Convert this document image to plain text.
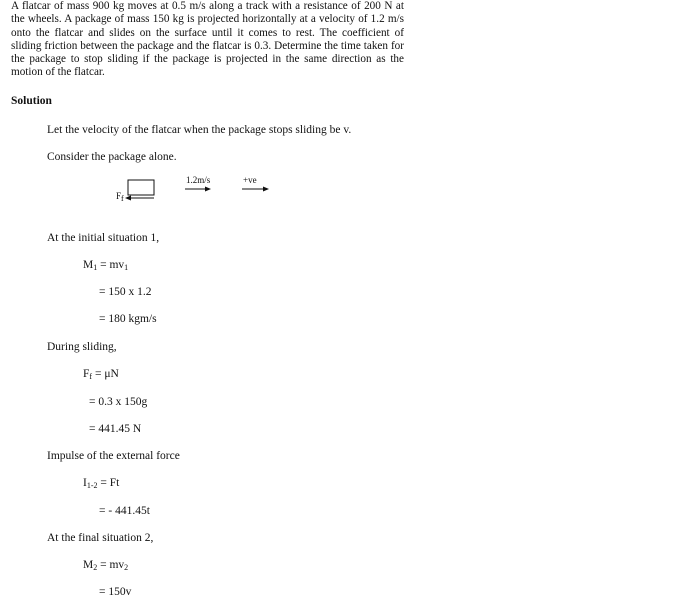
A flatcar of mass 900 kg moves at 0.5 m/s along a track with a resistance of 200 N at the wheels. A package of mass 150 kg is projected horizontally at a velocity of 1.2 m/s onto the flatcar and slides on the surface until it comes to rest. The coefficient of sliding friction between the package and the flatcar is 0.3. Determine the time taken for the package to stop sliding if the package is projected in the same direction as the motion of the flatcar.
Solution
Let the velocity of the flatcar when the package stops sliding be v.
Consider the package alone.
$F_f$
1.2m/s	+ve
At the initial situation 1,
$M_1 = mv_1$
= 150 x 1.2
= 180 kgm/s
During sliding,
$F_f = \mu N$
= 0.3 x 150g
= 441.45 N
Impulse of the external force
$I_{1-2} = Ft$
= - 441.45t
At the final situation 2,
$M_2 = mv_2$
= 150v
